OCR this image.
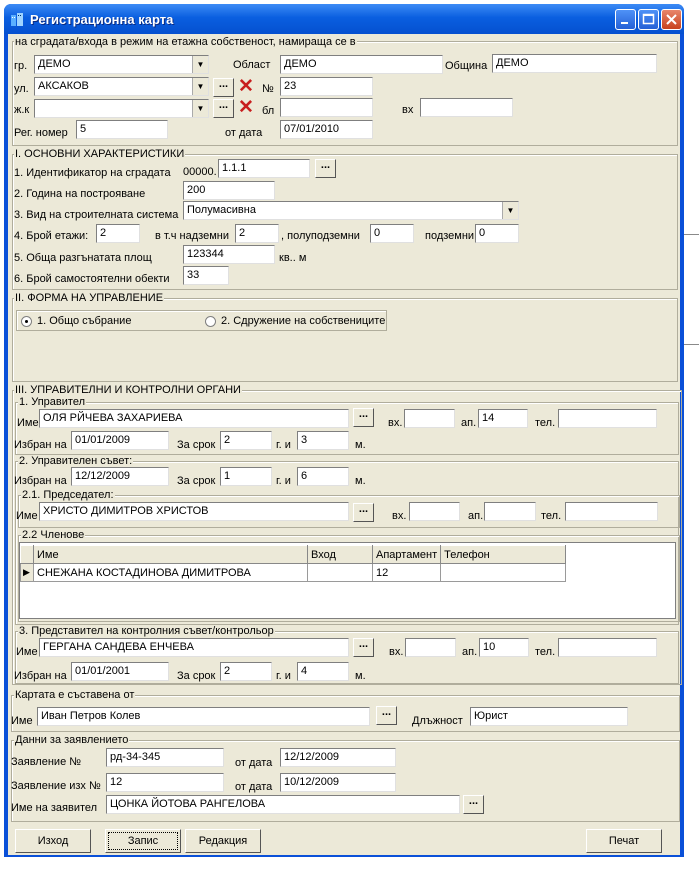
Регистрационна карта
на сградата/входа в режим на етажна собственост, намираща се в
гр. ДЕМО	▼	Област	ДЕМО	Община ДЕМО
ул. АКСАКОВ	▼	... ✕ № 23
ж.к	▼	... ✕ бл	вх
Рег. номер	5	от дата	07/01/2010
I. ОСНОВНИ ХАРАКТЕРИСТИКИ
1. Идентификатор на сградата 00000. 1.1.1	...
2. Година на построяване	200
3. Вид на строителната система Полумасивна	▼
4. Брой етажи:	2	в т.ч надземни 2	, полуподземни	0	подземни 0
5. Обща разгънатата площ	123344	кв.. м
6. Брой самостоятелни обекти	33
II. ФОРМА НА УПРАВЛЕНИЕ
1. Общо събрание	2. Сдружение на собствениците
III. УПРАВИТЕЛНИ И КОНТРОЛНИ ОРГАНИ
1. Управител
Име ОЛЯ РЙЧЕВА ЗАХАРИЕВА	...
вх.	ап. 14	тел.
Избран на 01/01/2009	За срок 2	г. и 3	м.
2. Управителен съвет:
Избран на 12/12/2009	За срок 1	г. и 6	м.
2.1. Председател:
Име ХРИСТО ДИМИТРОВ ХРИСТОВ	...
вх.	ап.	тел.
2.2 Членове
	Име	Вход	Апартамент	Телефон
▶	СНЕЖАНА КОСТАДИНОВА ДИМИТРОВА		12	
3. Представител на контролния съвет/контрольор
Име ГЕРГАНА САНДЕВА ЕНЧЕВА	...
вх.	ап. 10	тел.
Избран на 01/01/2001	За срок 2	г. и 4	м.
Картата е съставена от
Име Иван Петров Колев	...
Длъжност	Юрист
Данни за заявлението
Заявление №	рд-34-345	от дата	12/12/2009
Заявление изх № 12	от дата	10/12/2009
Име на заявител	ЦОНКА ЙОТОВА РАНГЕЛОВА	...
Изход	Запис	Редакция	Печат
